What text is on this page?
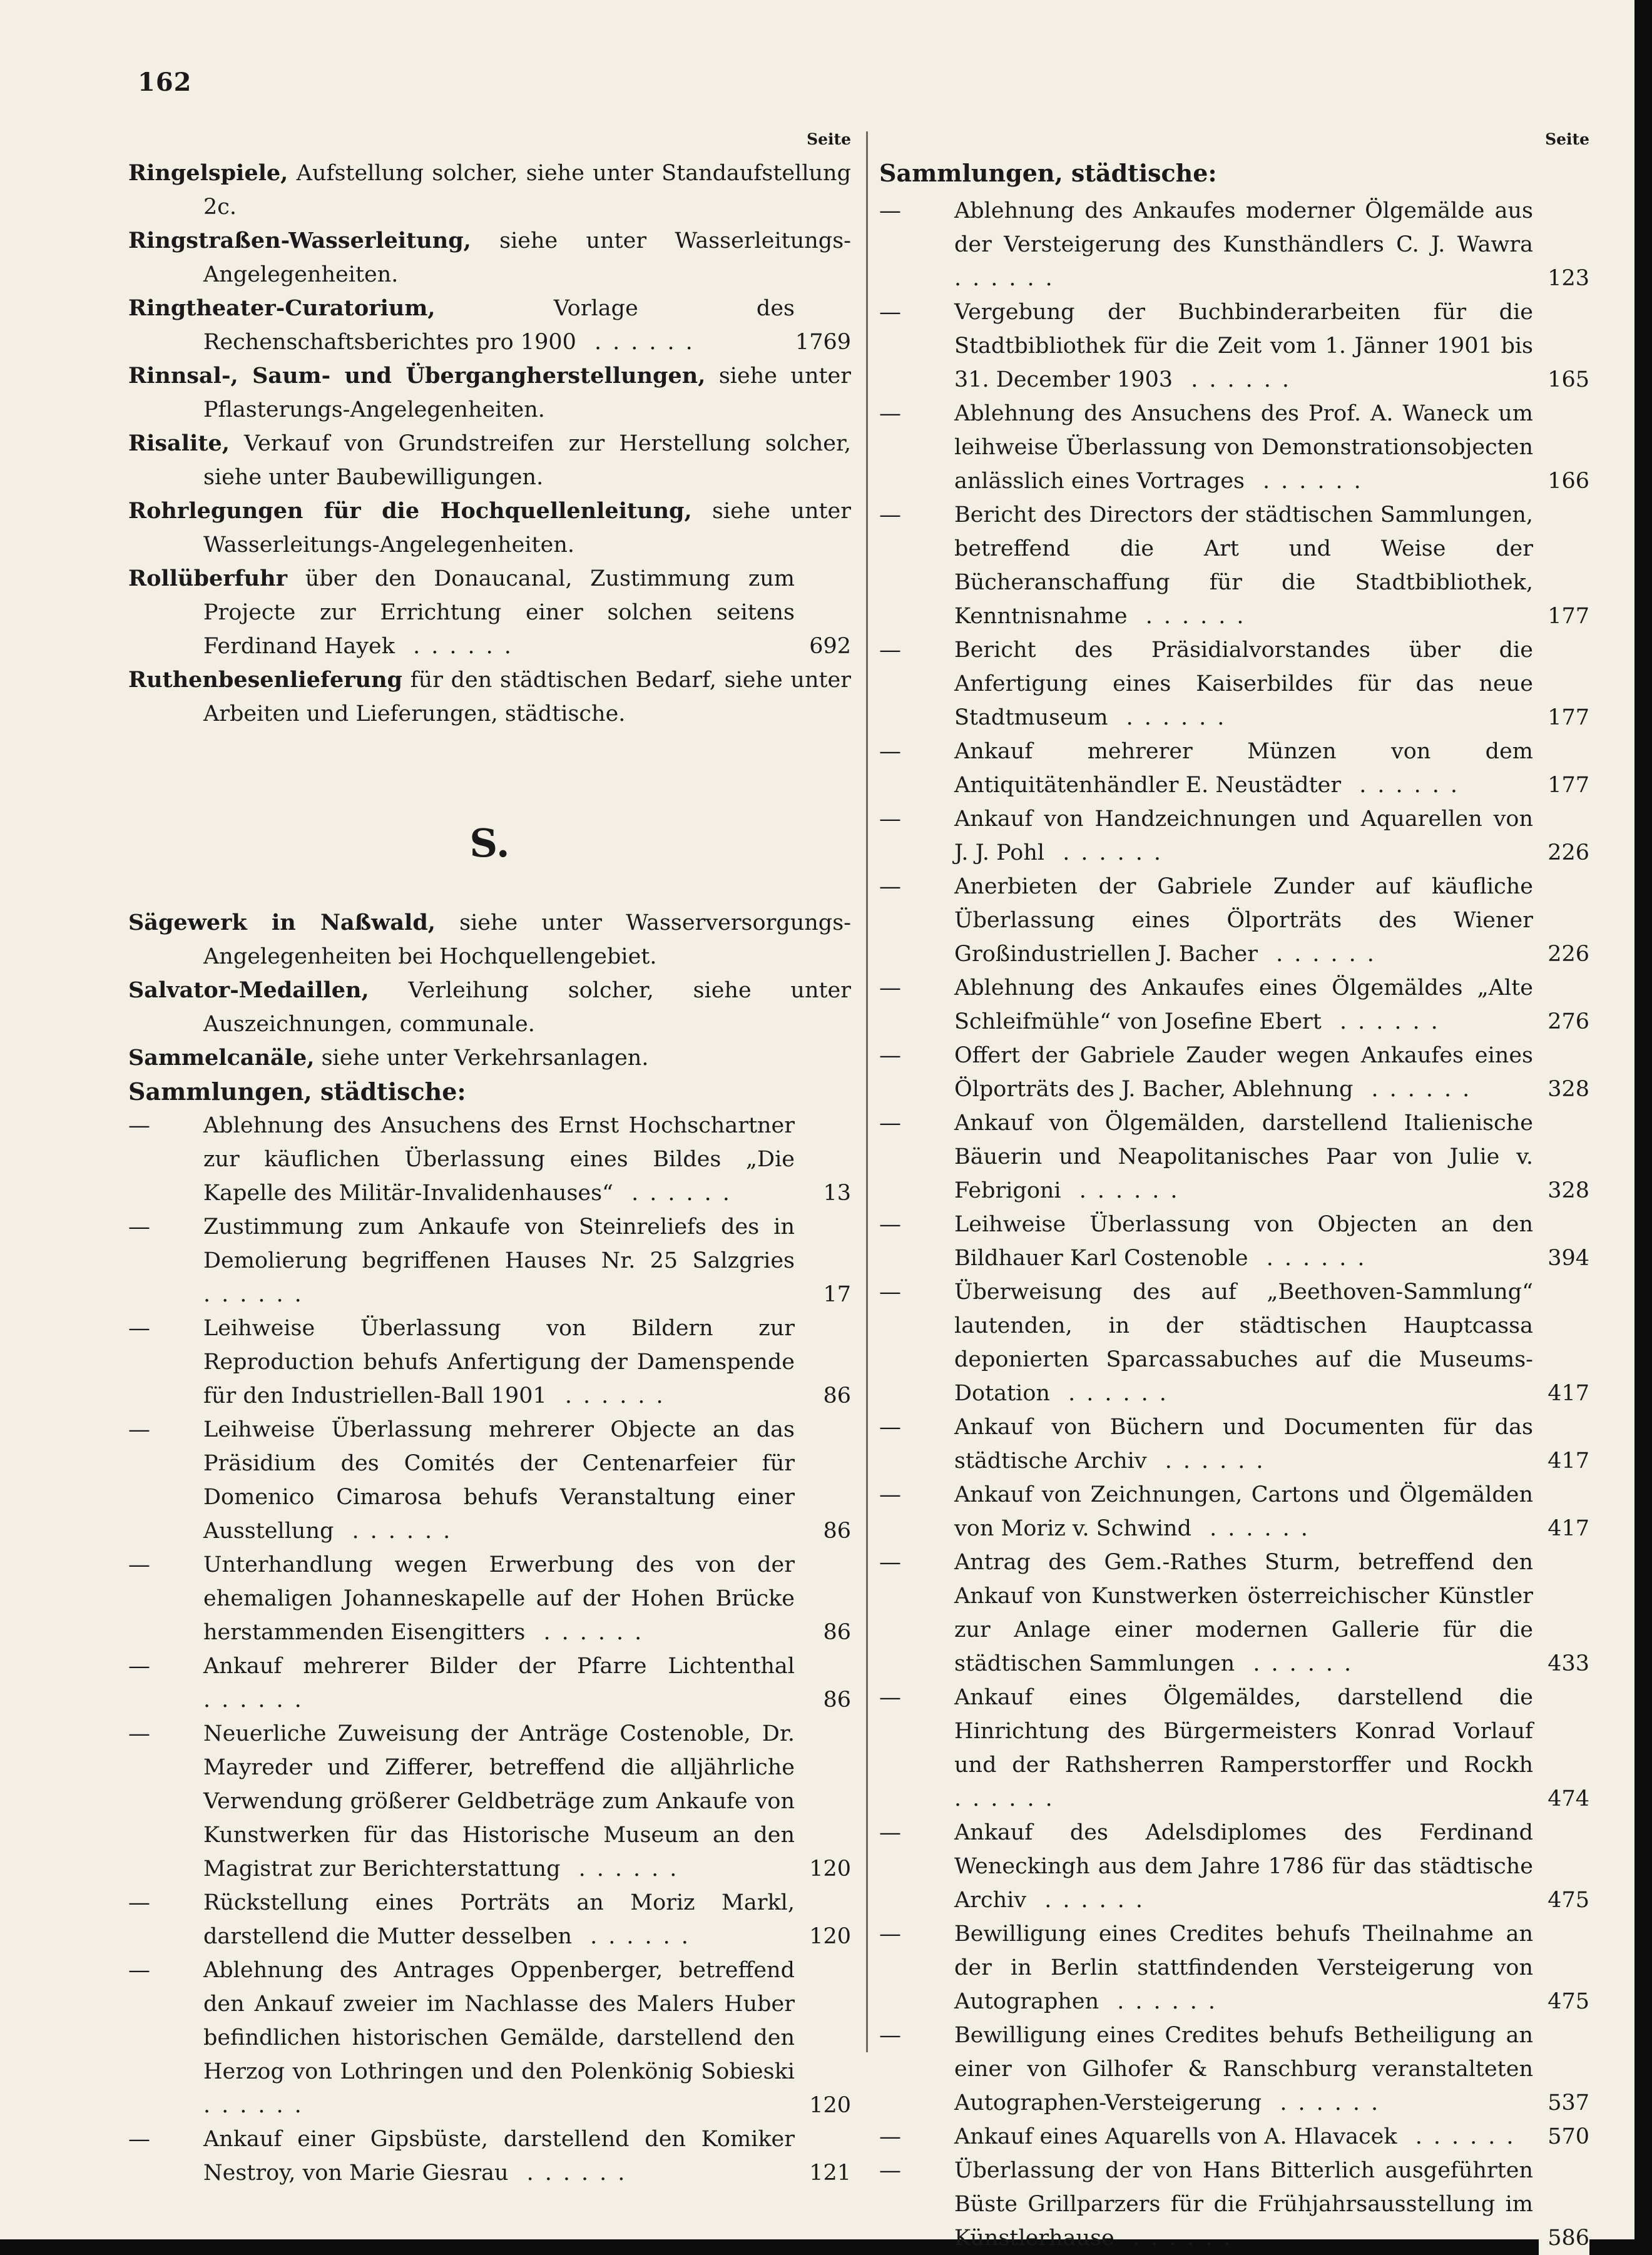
162
Seite
Ringelspiele, Aufstellung solcher, siehe unter Standaufstellung 2c.
Ringstraßen-Wasserleitung, siehe unter Wasserleitungs-Angelegenheiten.
Ringtheater-Curatorium, Vorlage des Rechenschaftsberichtes pro 1900 ......	1769
Rinnsal-, Saum- und Übergangherstellungen, siehe unter Pflasterungs-Angelegenheiten.
Risalite, Verkauf von Grundstreifen zur Herstellung solcher, siehe unter Baubewilligungen.
Rohrlegungen für die Hochquellenleitung, siehe unter Wasserleitungs-Angelegenheiten.
Rollüberfuhr über den Donaucanal, Zustimmung zum Projecte zur Errichtung einer solchen seitens Ferdinand Hayek ......	692
Ruthenbesenlieferung für den städtischen Bedarf, siehe unter Arbeiten und Lieferungen, städtische.
S.
Sägewerk in Naßwald, siehe unter Wasserversorgungs-Angelegenheiten bei Hochquellengebiet.
Salvator-Medaillen, Verleihung solcher, siehe unter Auszeichnungen, communale.
Sammelcanäle, siehe unter Verkehrsanlagen.
Sammlungen, städtische:
— Ablehnung des Ansuchens des Ernst Hochschartner zur käuflichen Überlassung eines Bildes „Die Kapelle des Militär-Invalidenhauses“ ......	13
— Zustimmung zum Ankaufe von Steinreliefs des in Demolierung begriffenen Hauses Nr. 25 Salzgries ......	17
— Leihweise Überlassung von Bildern zur Reproduction behufs Anfertigung der Damenspende für den Industriellen-Ball 1901 ......	86
— Leihweise Überlassung mehrerer Objecte an das Präsidium des Comités der Centenarfeier für Domenico Cimarosa behufs Veranstaltung einer Ausstellung ......	86
— Unterhandlung wegen Erwerbung des von der ehemaligen Johanneskapelle auf der Hohen Brücke herstammenden Eisengitters ......	86
— Ankauf mehrerer Bilder der Pfarre Lichtenthal ......	86
— Neuerliche Zuweisung der Anträge Costenoble, Dr. Mayreder und Zifferer, betreffend die alljährliche Verwendung größerer Geldbeträge zum Ankaufe von Kunstwerken für das Historische Museum an den Magistrat zur Berichterstattung ......	120
— Rückstellung eines Porträts an Moriz Markl, darstellend die Mutter desselben ......	120
— Ablehnung des Antrages Oppenberger, betreffend den Ankauf zweier im Nachlasse des Malers Huber befindlichen historischen Gemälde, darstellend den Herzog von Lothringen und den Polenkönig Sobieski ......	120
— Ankauf einer Gipsbüste, darstellend den Komiker Nestroy, von Marie Giesrau ......	121
Seite
Sammlungen, städtische:
— Ablehnung des Ankaufes moderner Ölgemälde aus der Versteigerung des Kunsthändlers C. J. Wawra ......	123
— Vergebung der Buchbinderarbeiten für die Stadtbibliothek für die Zeit vom 1. Jänner 1901 bis 31. December 1903 ......	165
— Ablehnung des Ansuchens des Prof. A. Waneck um leihweise Überlassung von Demonstrationsobjecten anlässlich eines Vortrages ......	166
— Bericht des Directors der städtischen Sammlungen, betreffend die Art und Weise der Bücheranschaffung für die Stadtbibliothek, Kenntnisnahme ......	177
— Bericht des Präsidialvorstandes über die Anfertigung eines Kaiserbildes für das neue Stadtmuseum ......	177
— Ankauf mehrerer Münzen von dem Antiquitätenhändler E. Neustädter ......	177
— Ankauf von Handzeichnungen und Aquarellen von J. J. Pohl ......	226
— Anerbieten der Gabriele Zunder auf käufliche Überlassung eines Ölporträts des Wiener Großindustriellen J. Bacher ......	226
— Ablehnung des Ankaufes eines Ölgemäldes „Alte Schleifmühle“ von Josefine Ebert ......	276
— Offert der Gabriele Zauder wegen Ankaufes eines Ölporträts des J. Bacher, Ablehnung ......	328
— Ankauf von Ölgemälden, darstellend Italienische Bäuerin und Neapolitanisches Paar von Julie v. Febrigoni ......	328
— Leihweise Überlassung von Objecten an den Bildhauer Karl Costenoble ......	394
— Überweisung des auf „Beethoven-Sammlung“ lautenden, in der städtischen Hauptcassa deponierten Sparcassabuches auf die Museums-Dotation ......	417
— Ankauf von Büchern und Documenten für das städtische Archiv ......	417
— Ankauf von Zeichnungen, Cartons und Ölgemälden von Moriz v. Schwind ......	417
— Antrag des Gem.-Rathes Sturm, betreffend den Ankauf von Kunstwerken österreichischer Künstler zur Anlage einer modernen Gallerie für die städtischen Sammlungen ......	433
— Ankauf eines Ölgemäldes, darstellend die Hinrichtung des Bürgermeisters Konrad Vorlauf und der Rathsherren Ramperstorffer und Rockh ......	474
— Ankauf des Adelsdiplomes des Ferdinand Weneckingh aus dem Jahre 1786 für das städtische Archiv ......	475
— Bewilligung eines Credites behufs Theilnahme an der in Berlin stattfindenden Versteigerung von Autographen ......	475
— Bewilligung eines Credites behufs Betheiligung an einer von Gilhofer & Ranschburg veranstalteten Autographen-Versteigerung ......	537
— Ankauf eines Aquarells von A. Hlavacek ......	570
— Überlassung der von Hans Bitterlich ausgeführten Büste Grillparzers für die Frühjahrsausstellung im Künstlerhause ......	586
